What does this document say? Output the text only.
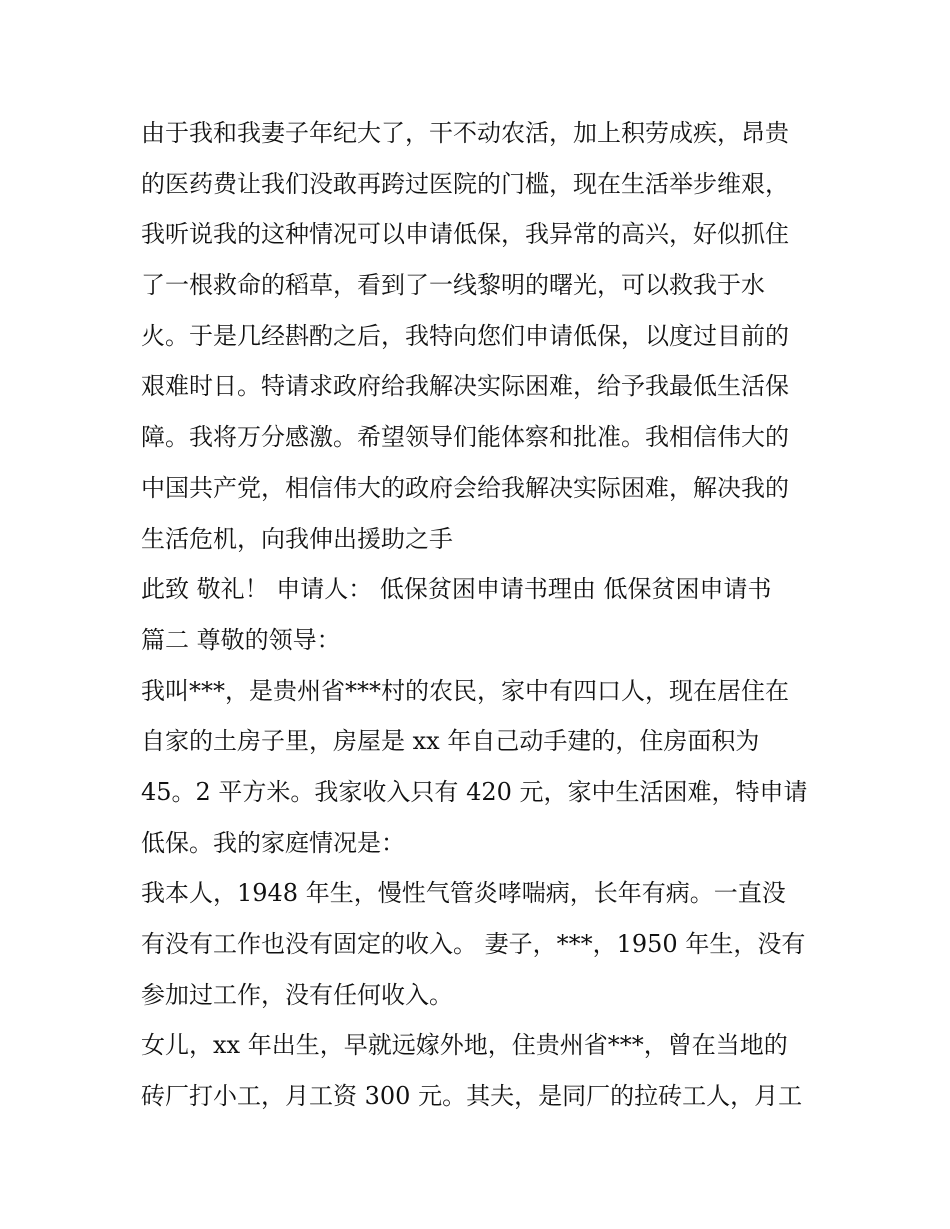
由于我和我妻子年纪大了，干不动农活，加上积劳成疾，昂贵
的医药费让我们没敢再跨过医院的门槛，现在生活举步维艰，
我听说我的这种情况可以申请低保，我异常的高兴，好似抓住
了一根救命的稻草，看到了一线黎明的曙光，可以救我于水
火。于是几经斟酌之后，我特向您们申请低保，以度过目前的
艰难时日。特请求政府给我解决实际困难，给予我最低生活保
障。我将万分感激。希望领导们能体察和批准。我相信伟大的
中国共产党，相信伟大的政府会给我解决实际困难，解决我的
生活危机，向我伸出援助之手
此致 敬礼！ 申请人： 低保贫困申请书理由 低保贫困申请书
篇二 尊敬的领导：
我叫***，是贵州省***村的农民，家中有四口人，现在居住在
自家的土房子里，房屋是 xx 年自己动手建的，住房面积为
45。2 平方米。我家收入只有 420 元，家中生活困难，特申请
低保。我的家庭情况是：
我本人，1948 年生，慢性气管炎哮喘病，长年有病。一直没
有没有工作也没有固定的收入。 妻子，***，1950 年生，没有
参加过工作，没有任何收入。
女儿，xx 年出生，早就远嫁外地，住贵州省***，曾在当地的
砖厂打小工，月工资 300 元。其夫，是同厂的拉砖工人，月工
